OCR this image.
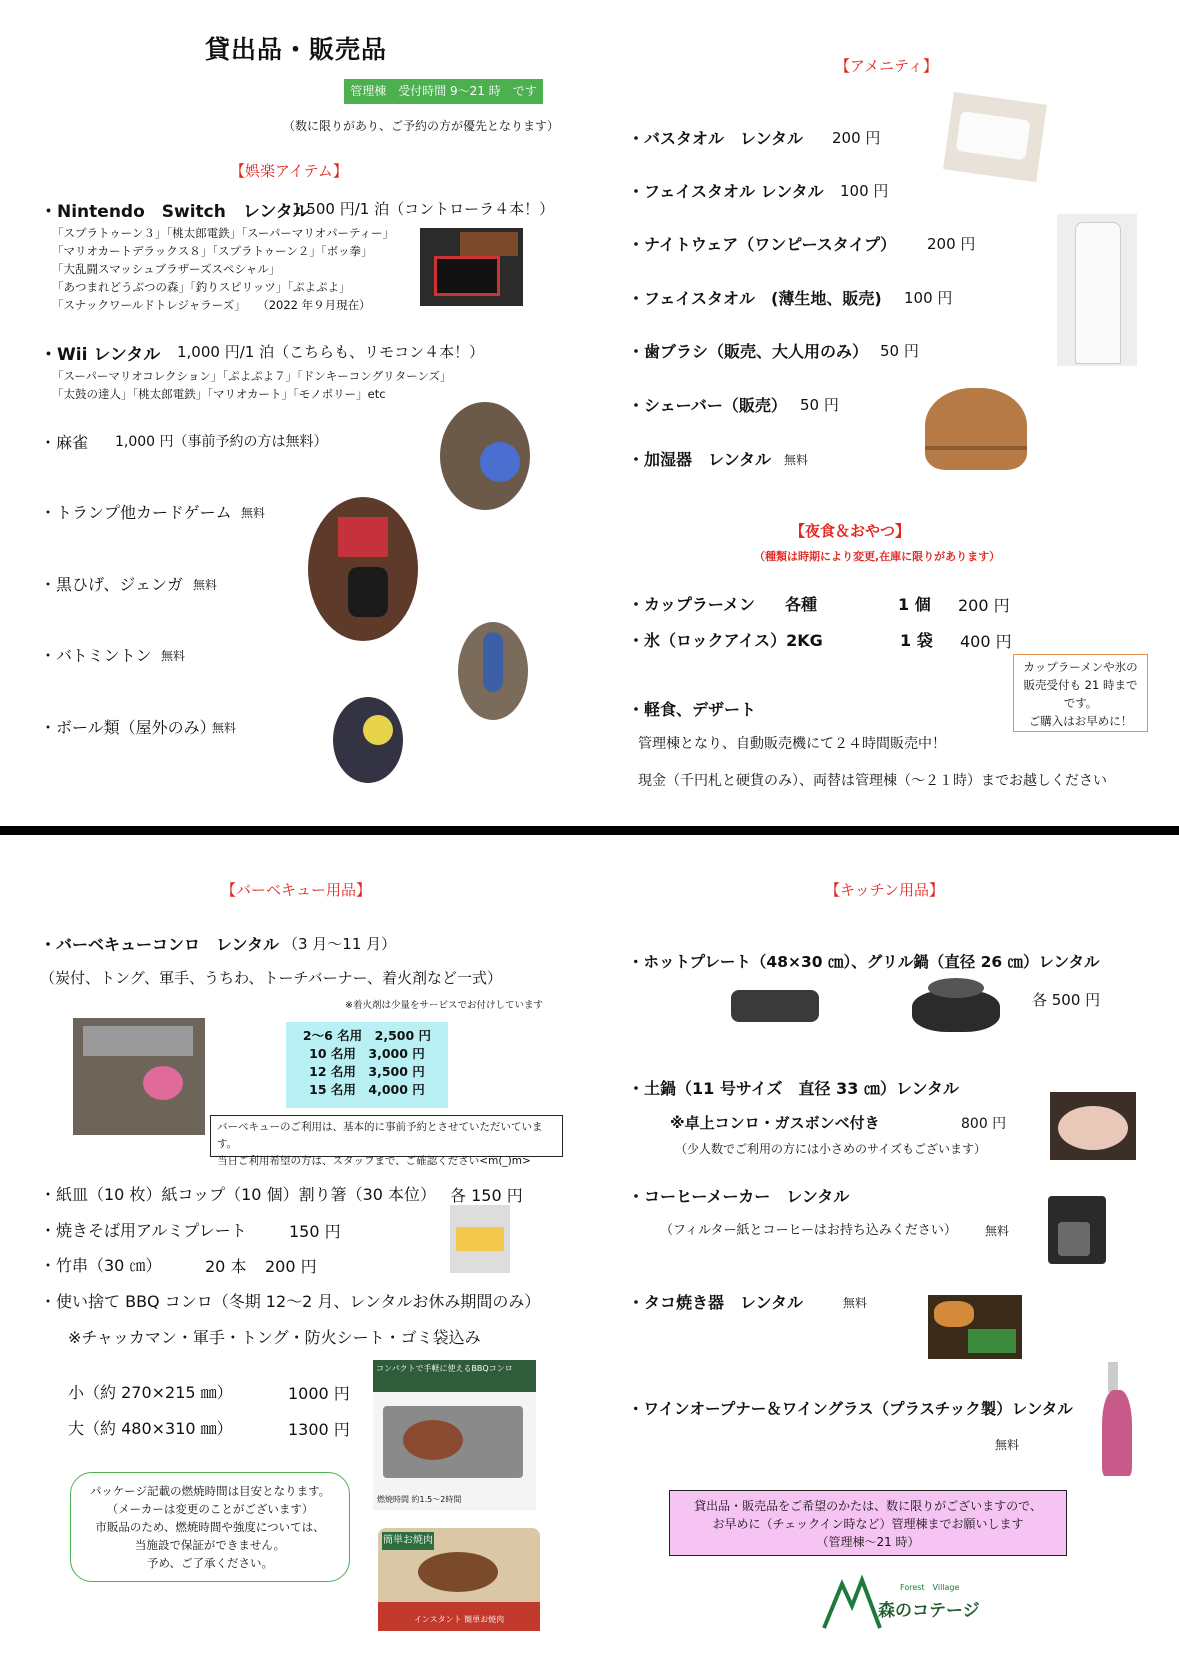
貸出品・販売品
管理棟　受付時間 9～21 時　です
（数に限りがあり、ご予約の方が優先となります）
【娯楽アイテム】
・Nintendo　Switch　レンタル
1,500 円/1 泊（コントローラ４本！）
「スプラトゥーン３」「桃太郎電鉄」「スーパーマリオパーティー」
「マリオカートデラックス８」「スプラトゥーン２」「ボッ拳」
「大乱闘スマッシュブラザーズスペシャル」
「あつまれどうぶつの森」「釣りスピリッツ」「ぷよぷよ」
「スナックワールドトレジャラーズ」　　（2022 年９月現在）
・Wii レンタル 1,000 円/1 泊（こちらも、リモコン４本！）
「スーパーマリオコレクション」「ぷよぷよ７」「ドンキーコングリターンズ」
「太鼓の達人」「桃太郎電鉄」「マリオカート」「モノポリー」etc
・麻雀 1,000 円（事前予約の方は無料）
・トランプ他カードゲーム 無料
・黒ひげ、ジェンガ 無料
・バトミントン 無料
・ボール類（屋外のみ）
無料
【アメニティ】
・バスタオル　レンタル 200 円
・フェイスタオル レンタル 100 円
・ナイトウェア（ワンピースタイプ） 200 円
・フェイスタオル　(薄生地、販売) 100 円
・歯ブラシ（販売、大人用のみ） 50 円
・シェーバー（販売） 50 円
・加湿器　レンタル 無料
【夜食＆おやつ】
（種類は時期により変更,在庫に限りがあります）
・カップラーメン 各種	1 個 200 円
・氷（ロックアイス）2KG	1 袋 400 円
カップラーメンや氷の
販売受付も 21 時まで
です。
ご購入はお早めに！
・軽食、デザート
管理棟となり、自動販売機にて２４時間販売中！
現金（千円札と硬貨のみ）、両替は管理棟（～２１時）までお越しください
【バーベキュー用品】
・バーベキューコンロ　レンタル （3 月～11 月）
（炭付、トング、軍手、うちわ、トーチバーナー、着火剤など一式）
※着火剤は少量をサービスでお付けしています
2～6 名用　2,500 円
10 名用　3,000 円
12 名用　3,500 円
15 名用　4,000 円
バーベキューのご利用は、基本的に事前予約とさせていただいています。
当日ご利用希望の方は、スタッフまで、ご確認ください<m(_)m>
・紙皿（10 枚）紙コップ（10 個）割り箸（30 本位） 各 150 円
・焼きそば用アルミプレート	150 円
・竹串（30 ㎝）	20 本 200 円
・使い捨て BBQ コンロ（冬期 12～2 月、レンタルお休み期間のみ）
※チャッカマン・軍手・トング・防火シート・ゴミ袋込み
小（約 270×215 ㎜）	1000 円
大（約 480×310 ㎜）	1300 円
コンパクトで手軽に使えるBBQコンロ
燃焼時間 約1.5～2時間
簡単お焼肉
インスタント 簡単お焼肉 BBQコンロ
パッケージ記載の燃焼時間は目安となります。
（メーカーは変更のことがございます）
市販品のため、燃焼時間や強度については、
当施設で保証ができません。
予め、ご了承ください。
【キッチン用品】
・ホットプレート（48×30 ㎝）、グリル鍋（直径 26 ㎝）レンタル
各 500 円
・土鍋（11 号サイズ　直径 33 ㎝）レンタル
※卓上コンロ・ガスボンベ付き	800 円
（少人数でご利用の方には小さめのサイズもございます）
・コーヒーメーカー　レンタル
（フィルター紙とコーヒーはお持ち込みください） 無料
・タコ焼き器　レンタル	無料
・ワインオープナー＆ワイングラス（プラスチック製）レンタル
無料
貸出品・販売品をご希望のかたは、数に限りがございますので、
お早めに（チェックイン時など）管理棟までお願いします
（管理棟～21 時）
Forest　Village
森のコテージ
